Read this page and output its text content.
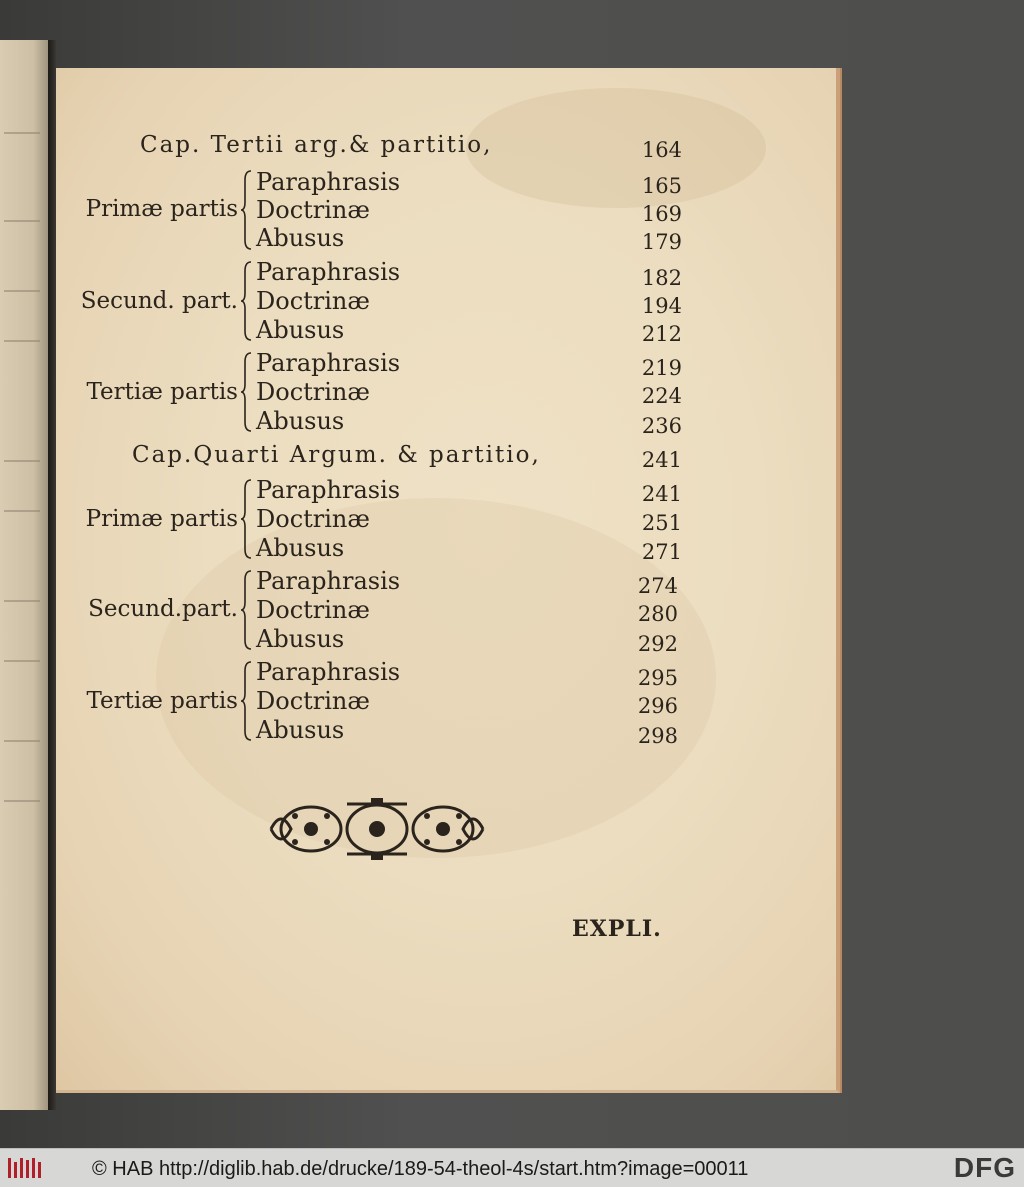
Cap. Tertii arg.& partitio,	164
Primæ partis
Paraphrasis	165
Doctrinæ	169
Abusus	179
Secund. part.
Paraphrasis	182
Doctrinæ	194
Abusus	212
Tertiæ partis
Paraphrasis	219
Doctrinæ	224
Abusus	236
Cap.Quarti Argum. & partitio,	241
Primæ partis
Paraphrasis	241
Doctrinæ	251
Abusus	271
Secund.part.
Paraphrasis	274
Doctrinæ	280
Abusus	292
Tertiæ partis
Paraphrasis	295
Doctrinæ	296
Abusus	298
EXPLI.
© HAB http://diglib.hab.de/drucke/189-54-theol-4s/start.htm?image=00011	DFG
